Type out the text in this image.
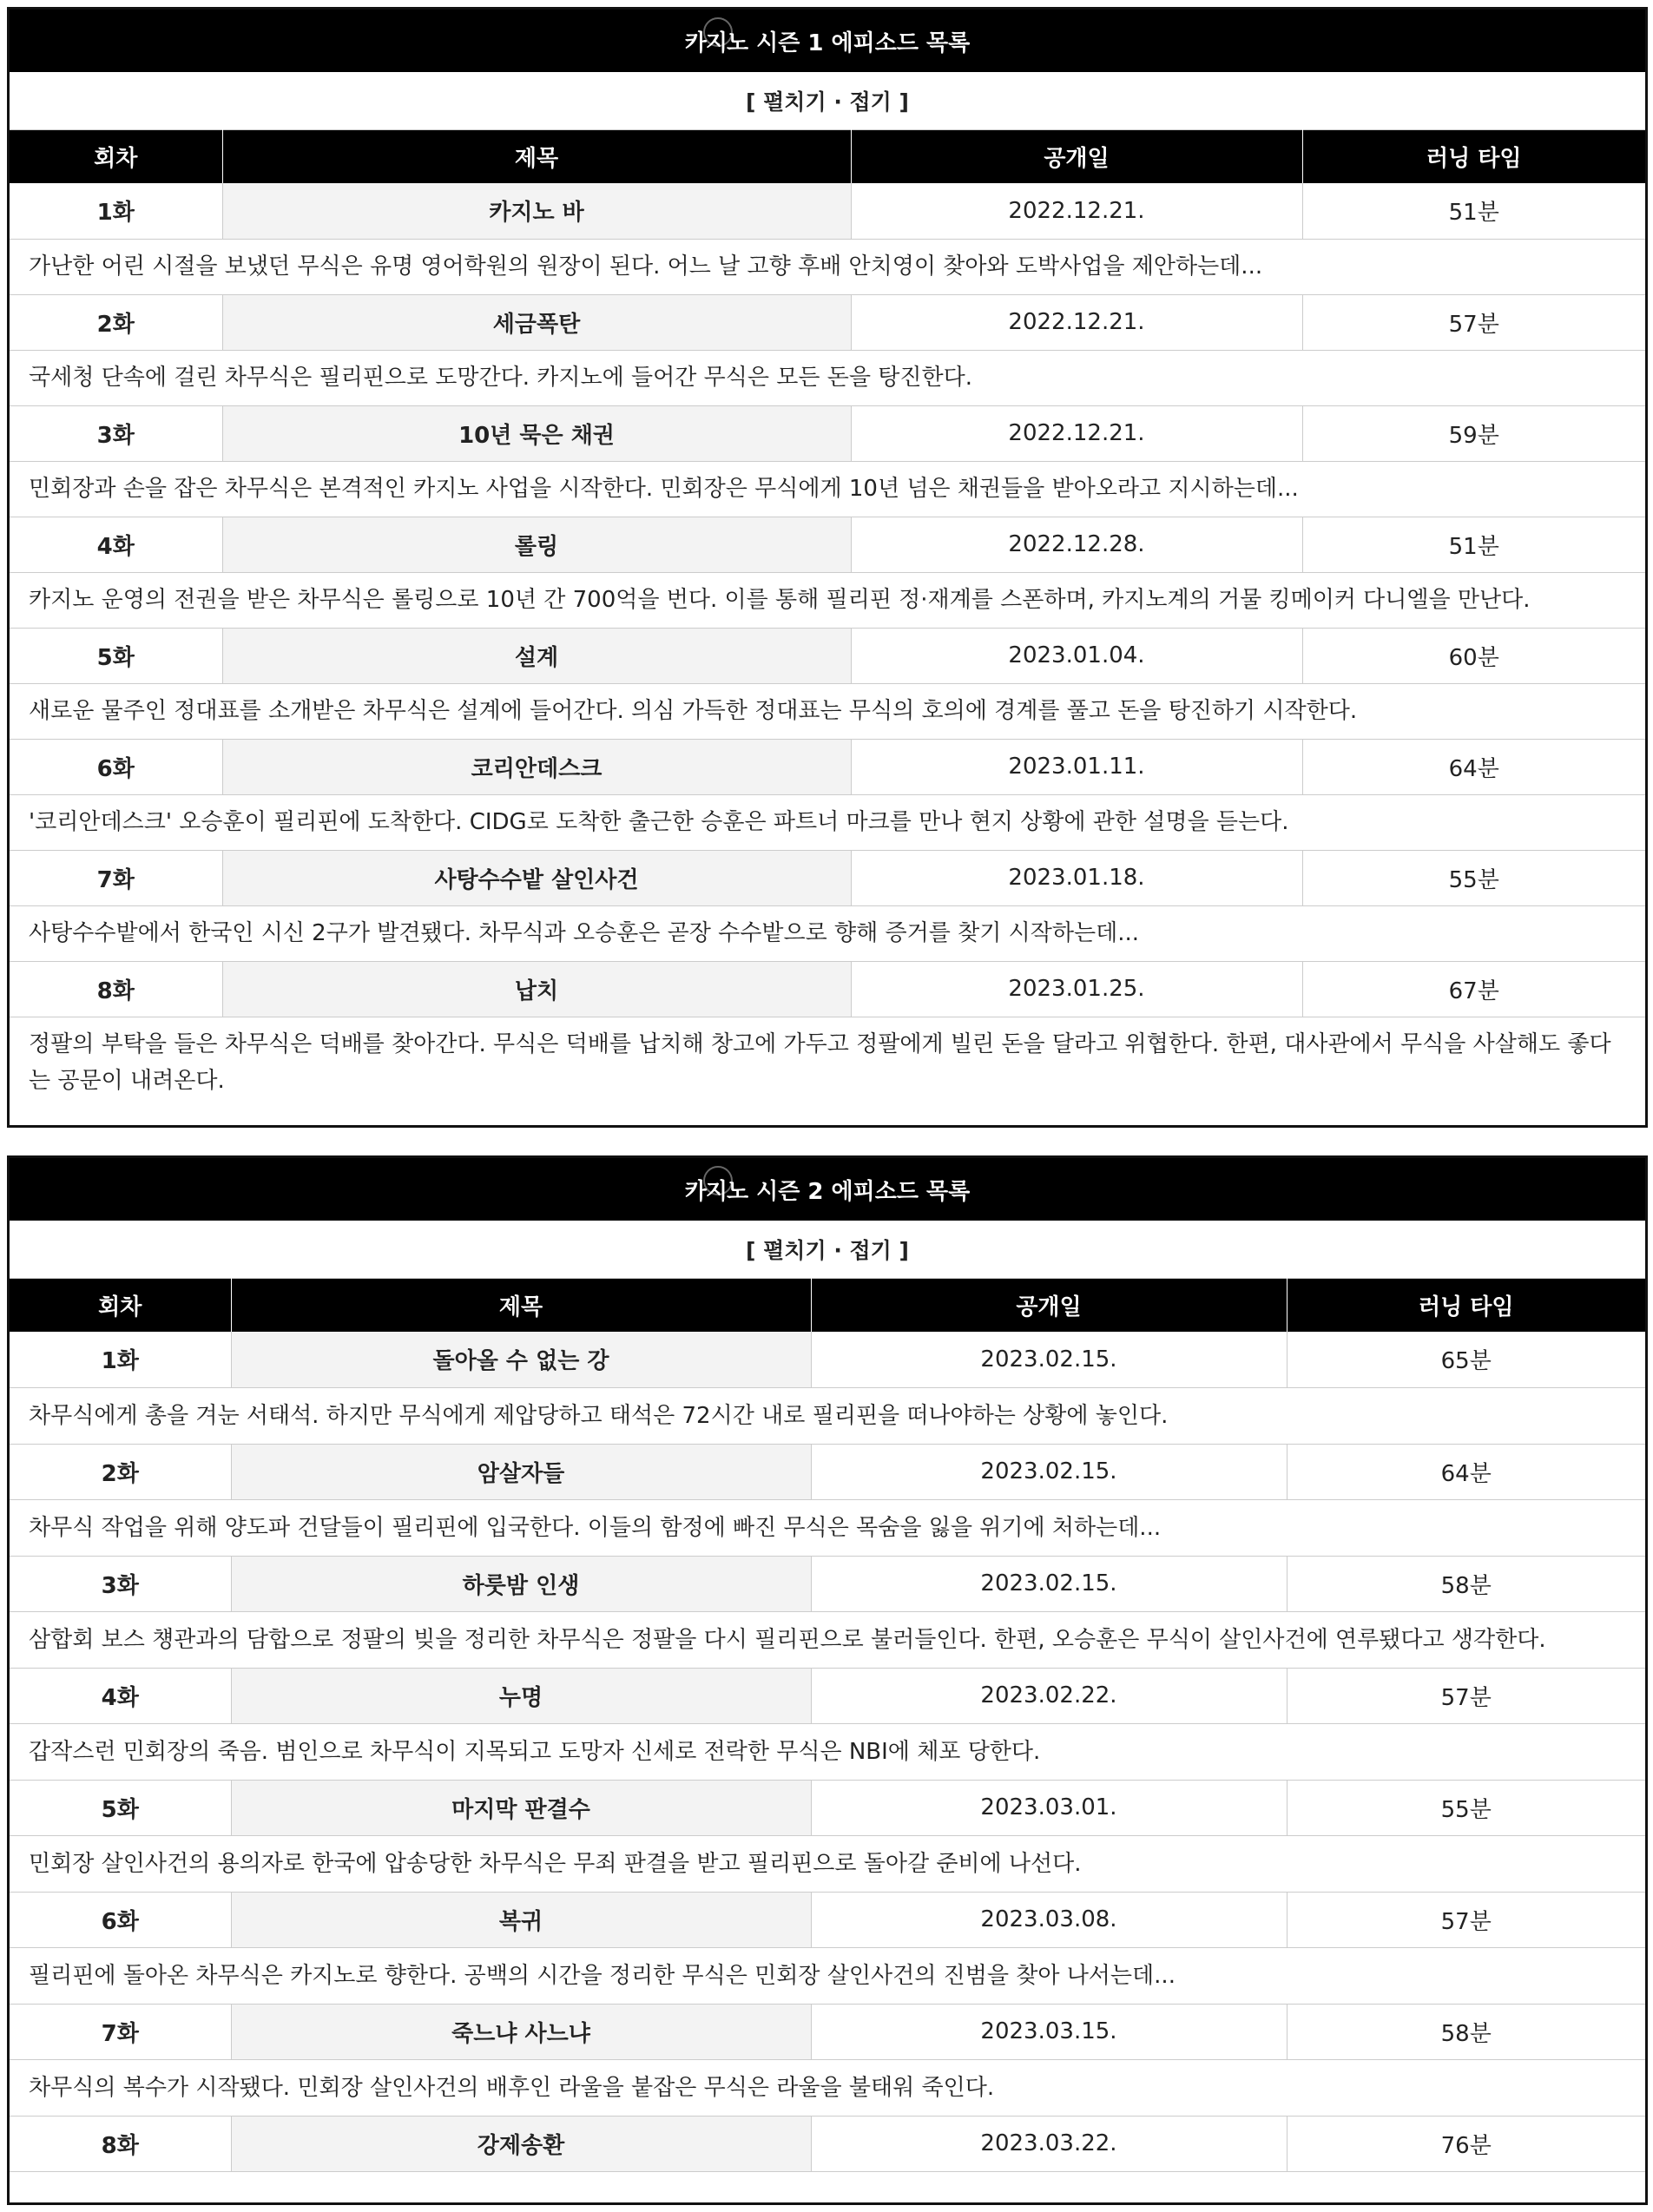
카지노 시즌 1 에피소드 목록			
[ 펼치기 · 접기 ]			
회차	제목	공개일	러닝 타임
1화	카지노 바	2022.12.21.	51분
가난한 어린 시절을 보냈던 무식은 유명 영어학원의 원장이 된다. 어느 날 고향 후배 안치영이 찾아와 도박사업을 제안하는데...			
2화	세금폭탄	2022.12.21.	57분
국세청 단속에 걸린 차무식은 필리핀으로 도망간다. 카지노에 들어간 무식은 모든 돈을 탕진한다.			
3화	10년 묵은 채권	2022.12.21.	59분
민회장과 손을 잡은 차무식은 본격적인 카지노 사업을 시작한다. 민회장은 무식에게 10년 넘은 채권들을 받아오라고 지시하는데...			
4화	롤링	2022.12.28.	51분
카지노 운영의 전권을 받은 차무식은 롤링으로 10년 간 700억을 번다. 이를 통해 필리핀 정·재계를 스폰하며, 카지노계의 거물 킹메이커 다니엘을 만난다.			
5화	설계	2023.01.04.	60분
새로운 물주인 정대표를 소개받은 차무식은 설계에 들어간다. 의심 가득한 정대표는 무식의 호의에 경계를 풀고 돈을 탕진하기 시작한다.			
6화	코리안데스크	2023.01.11.	64분
'코리안데스크' 오승훈이 필리핀에 도착한다. CIDG로 도착한 출근한 승훈은 파트너 마크를 만나 현지 상황에 관한 설명을 듣는다.			
7화	사탕수수밭 살인사건	2023.01.18.	55분
사탕수수밭에서 한국인 시신 2구가 발견됐다. 차무식과 오승훈은 곧장 수수밭으로 향해 증거를 찾기 시작하는데...			
8화	납치	2023.01.25.	67분
정팔의 부탁을 들은 차무식은 덕배를 찾아간다. 무식은 덕배를 납치해 창고에 가두고 정팔에게 빌린 돈을 달라고 위협한다. 한편, 대사관에서 무식을 사살해도 좋다는 공문이 내려온다.			
카지노 시즌 2 에피소드 목록			
[ 펼치기 · 접기 ]			
회차	제목	공개일	러닝 타임
1화	돌아올 수 없는 강	2023.02.15.	65분
차무식에게 총을 겨눈 서태석. 하지만 무식에게 제압당하고 태석은 72시간 내로 필리핀을 떠나야하는 상황에 놓인다.			
2화	암살자들	2023.02.15.	64분
차무식 작업을 위해 양도파 건달들이 필리핀에 입국한다. 이들의 함정에 빠진 무식은 목숨을 잃을 위기에 처하는데...			
3화	하룻밤 인생	2023.02.15.	58분
삼합회 보스 첑관과의 담합으로 정팔의 빚을 정리한 차무식은 정팔을 다시 필리핀으로 불러들인다. 한편, 오승훈은 무식이 살인사건에 연루됐다고 생각한다.			
4화	누명	2023.02.22.	57분
갑작스런 민회장의 죽음. 범인으로 차무식이 지목되고 도망자 신세로 전락한 무식은 NBI에 체포 당한다.			
5화	마지막 판결수	2023.03.01.	55분
민회장 살인사건의 용의자로 한국에 압송당한 차무식은 무죄 판결을 받고 필리핀으로 돌아갈 준비에 나선다.			
6화	복귀	2023.03.08.	57분
필리핀에 돌아온 차무식은 카지노로 향한다. 공백의 시간을 정리한 무식은 민회장 살인사건의 진범을 찾아 나서는데...			
7화	죽느냐 사느냐	2023.03.15.	58분
차무식의 복수가 시작됐다. 민회장 살인사건의 배후인 라울을 붙잡은 무식은 라울을 불태워 죽인다.			
8화	강제송환	2023.03.22.	76분
